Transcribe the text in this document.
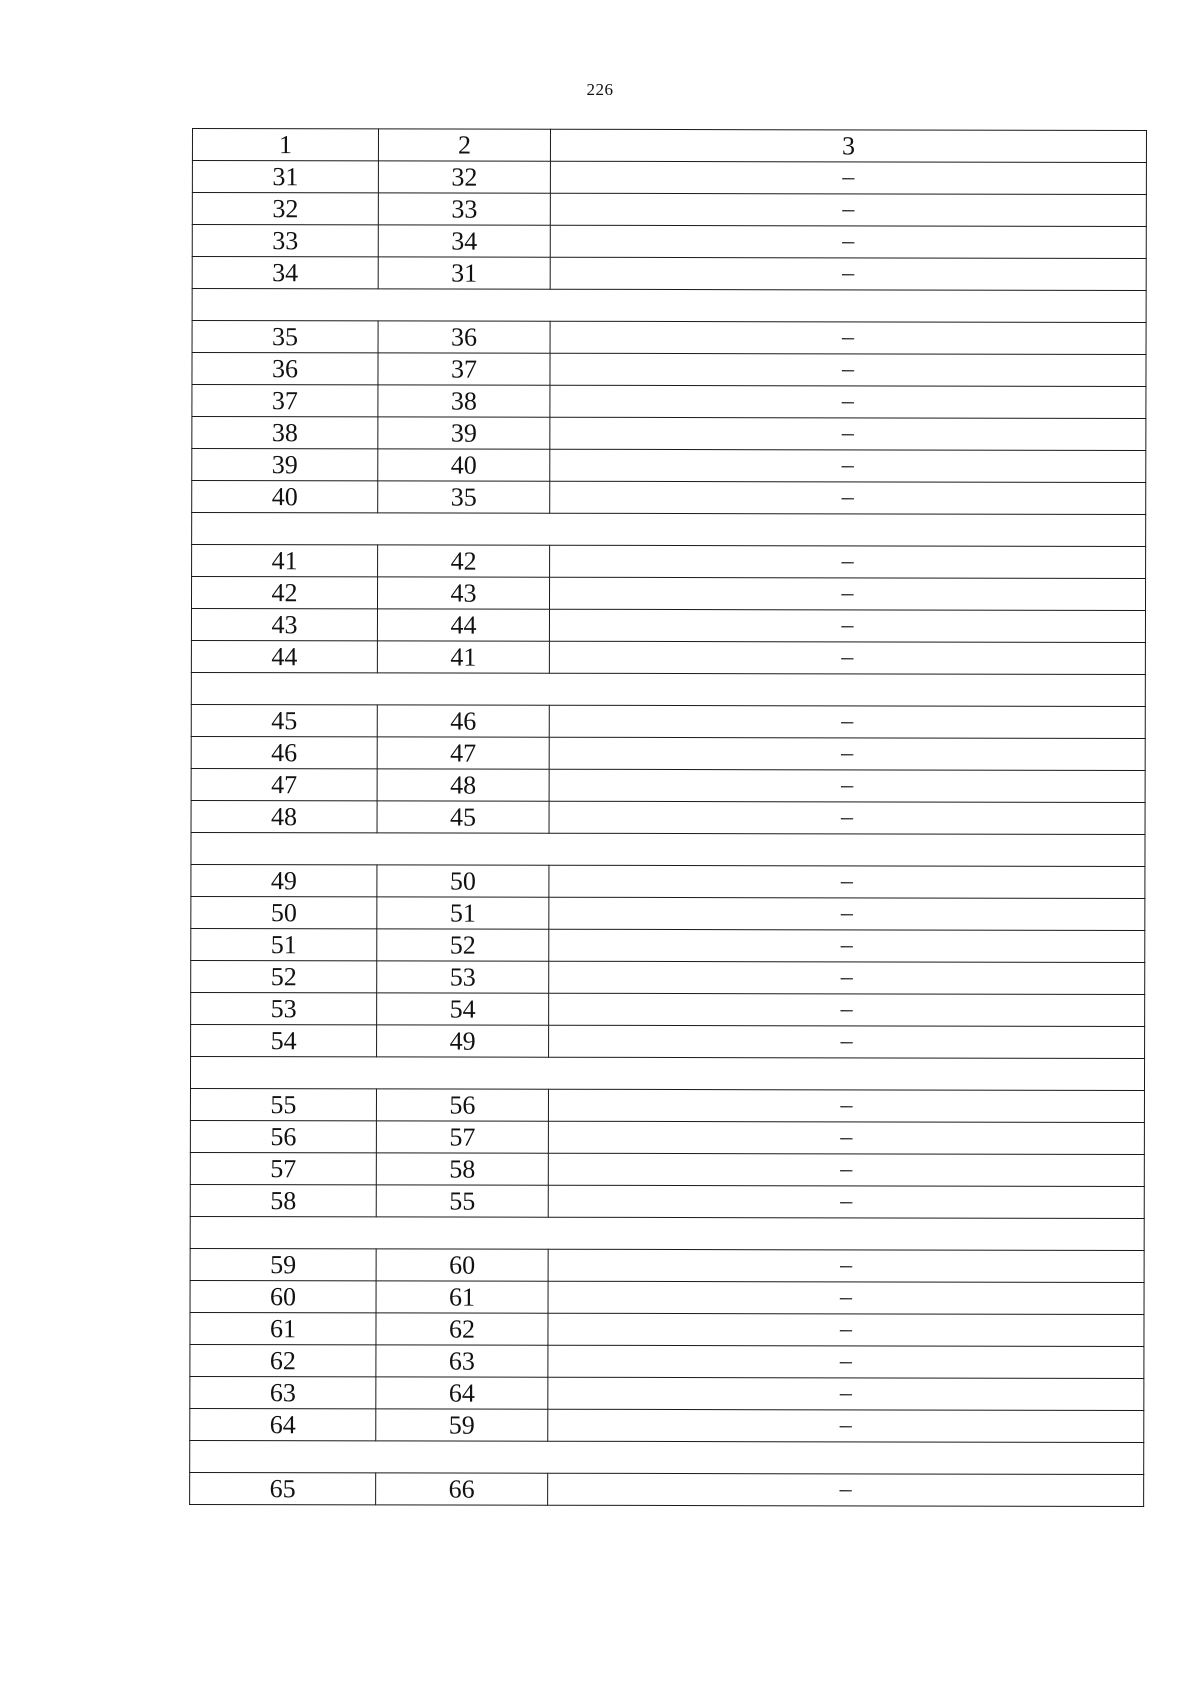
226
1	2	3
31	32	–
32	33	–
33	34	–
34	31	–

35	36	–
36	37	–
37	38	–
38	39	–
39	40	–
40	35	–

41	42	–
42	43	–
43	44	–
44	41	–

45	46	–
46	47	–
47	48	–
48	45	–

49	50	–
50	51	–
51	52	–
52	53	–
53	54	–
54	49	–

55	56	–
56	57	–
57	58	–
58	55	–

59	60	–
60	61	–
61	62	–
62	63	–
63	64	–
64	59	–

65	66	–
